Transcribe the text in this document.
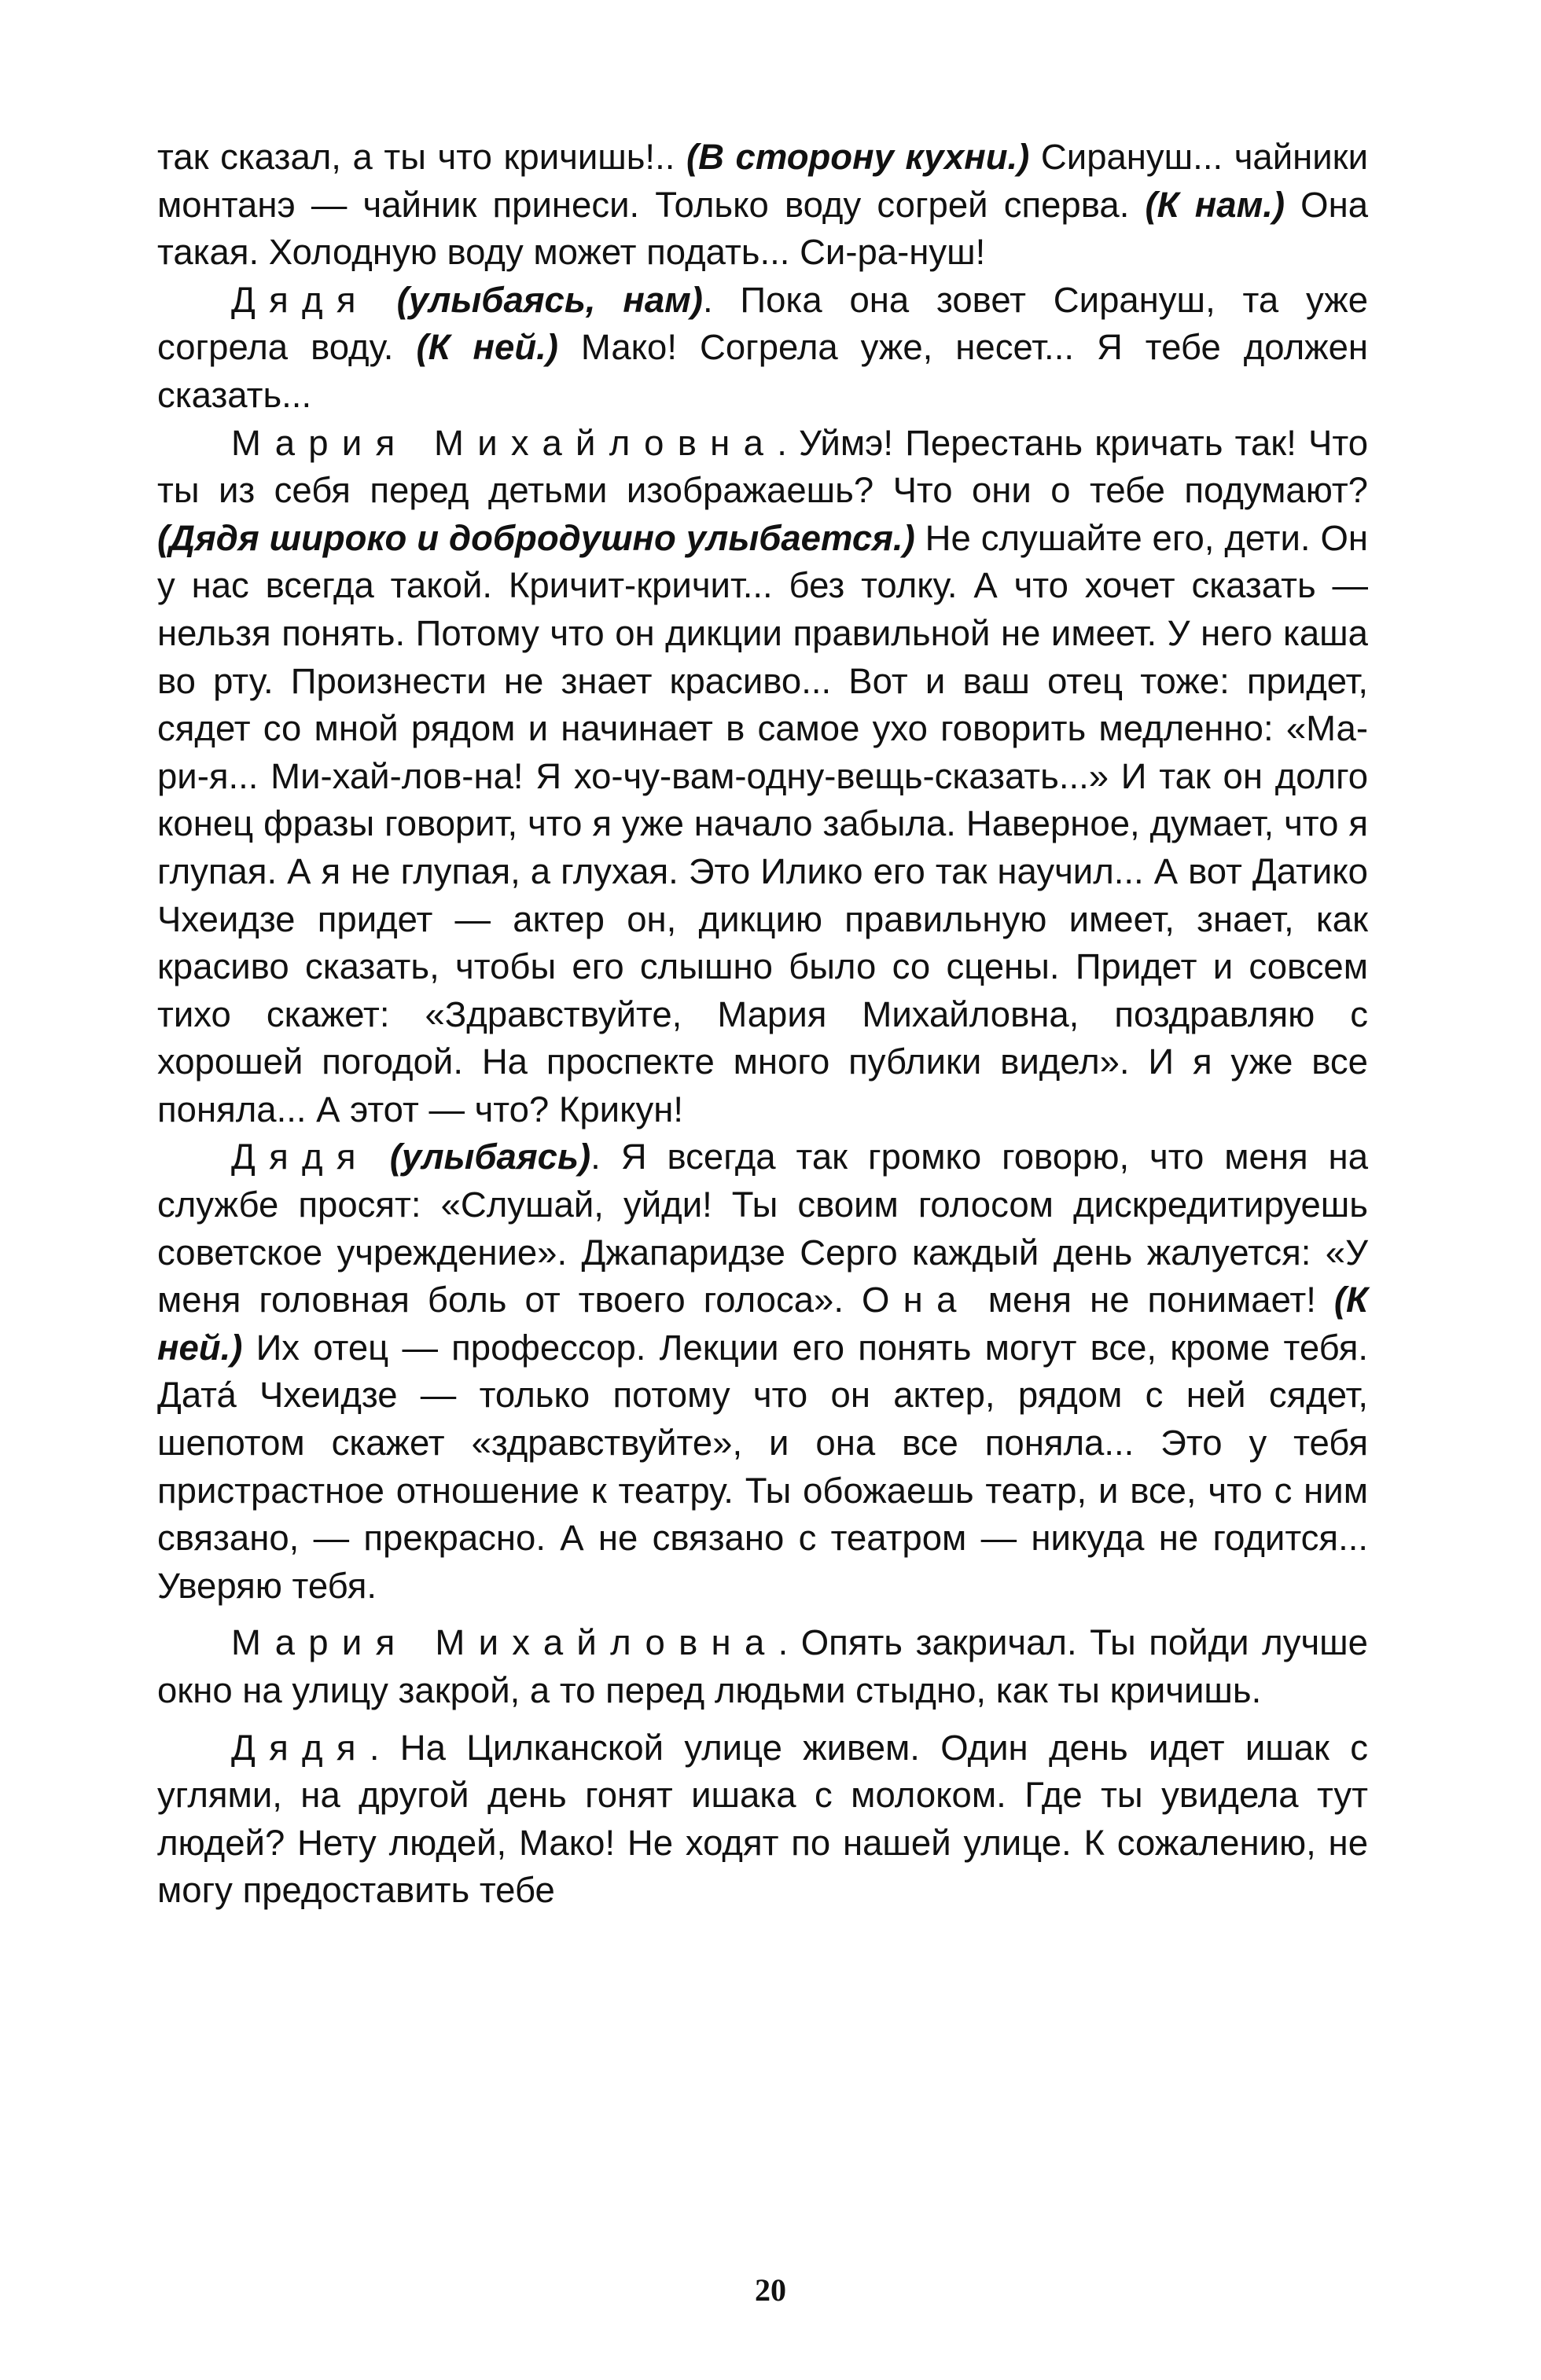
так сказал, а ты что кричишь!.. (В сторону кухни.) Сирануш... чайники монтанэ — чайник принеси. Только воду согрей сперва. (К нам.) Она такая. Холодную воду может подать... Си-ра-нуш!

Дядя (улыбаясь, нам). Пока она зовет Сирануш, та уже согрела воду. (К ней.) Мако! Согрела уже, несет... Я тебе должен сказать...

Мария Михайловна. Уймэ! Перестань кричать так! Что ты из себя перед детьми изображаешь? Что они о тебе подумают? (Дядя широко и добродушно улыбается.) Не слушайте его, дети. Он у нас всегда такой. Кричит-кричит... без толку. А что хочет сказать — нельзя понять. Потому что он дикции правильной не имеет. У него каша во рту. Произнести не знает красиво... Вот и ваш отец тоже: придет, сядет со мной рядом и начинает в самое ухо говорить медленно: «Ма-ри-я... Ми-хай-лов-на! Я хо-чу-вам-одну-вещь-сказать...» И так он долго конец фразы говорит, что я уже начало забыла. Наверное, думает, что я глупая. А я не глупая, а глухая. Это Илико его так научил... А вот Датико Чхеидзе придет — актер он, дикцию правильную имеет, знает, как красиво сказать, чтобы его слышно было со сцены. Придет и совсем тихо скажет: «Здравствуйте, Мария Михайловна, поздравляю с хорошей погодой. На проспекте много публики видел». И я уже все поняла... А этот — что? Крикун!

Дядя (улыбаясь). Я всегда так громко говорю, что меня на службе просят: «Слушай, уйди! Ты своим голосом дискредитируешь советское учреждение». Джапаридзе Серго каждый день жалуется: «У меня головная боль от твоего голоса». Она меня не понимает! (К ней.) Их отец — профессор. Лекции его понять могут все, кроме тебя. Дата́ Чхеидзе — только потому что он актер, рядом с ней сядет, шепотом скажет «здравствуйте», и она все поняла... Это у тебя пристрастное отношение к театру. Ты обожаешь театр, и все, что с ним связано, — прекрасно. А не связано с театром — никуда не годится... Уверяю тебя.

Мария Михайловна. Опять закричал. Ты пойди лучше окно на улицу закрой, а то перед людьми стыдно, как ты кричишь.

Дядя. На Цилканской улице живем. Один день идет ишак с углями, на другой день гонят ишака с молоком. Где ты увидела тут людей? Нету людей, Мако! Не ходят по нашей улице. К сожалению, не могу предоставить тебе

20
